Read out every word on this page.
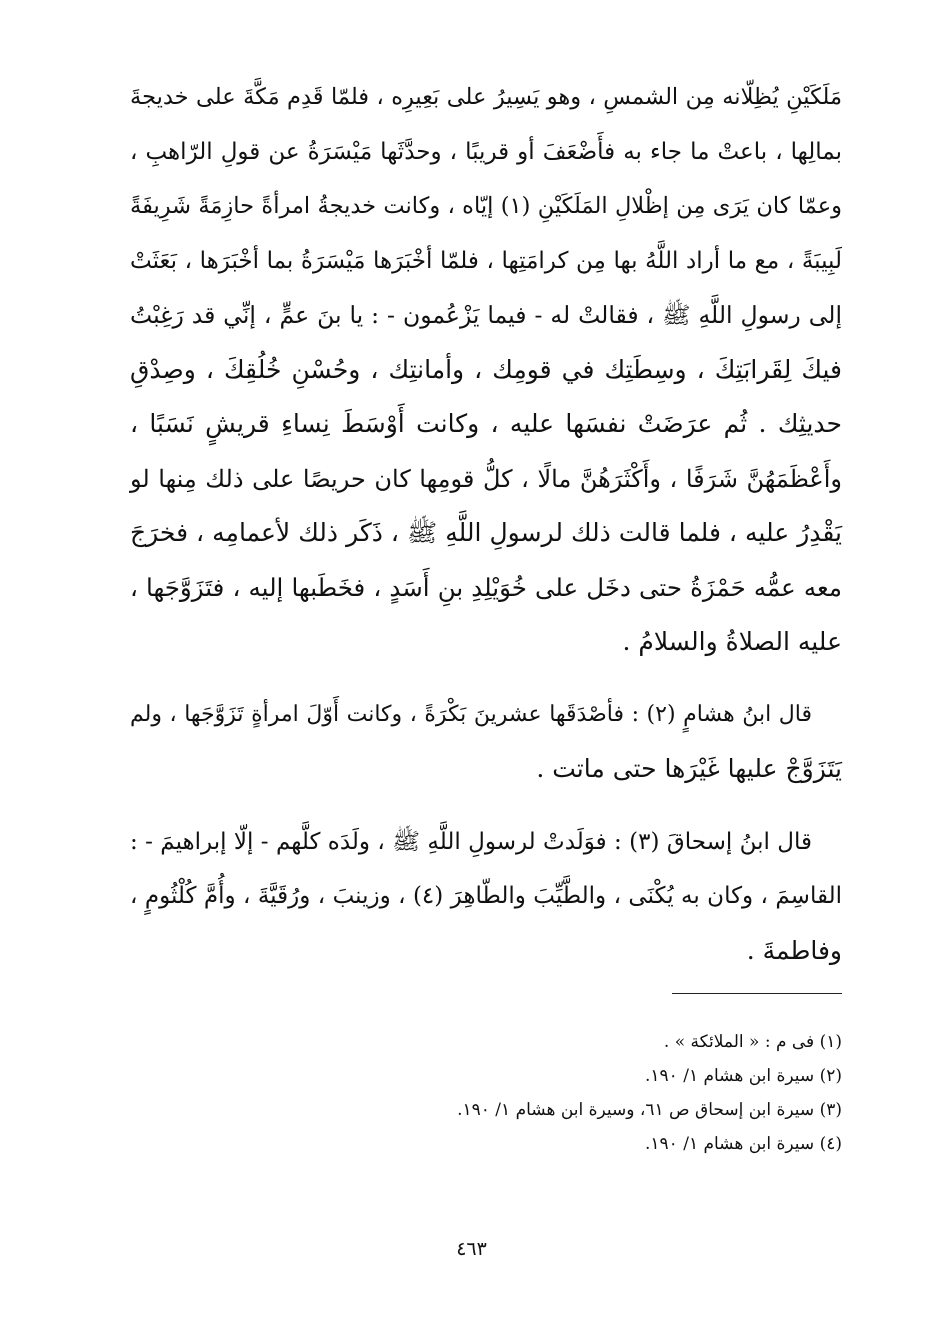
مَلَكَيْنِ يُظِلّانه مِن الشمسِ ، وهو يَسِيرُ على بَعِيرِه ، فلمّا قَدِم مَكَّةَ على خديجةَ
بمالِها ، باعتْ ما جاء به فأَضْعَفَ أو قريبًا ، وحدَّثَها مَيْسَرَةُ عن قولِ الرّاهبِ ،
وعمّا كان يَرَى مِن إظْلالِ المَلَكَيْنِ (١) إيّاه ، وكانت خديجةُ امرأةً حازِمَةً شَرِيفَةً
لَبِيبَةً ، مع ما أراد اللَّهُ بها مِن كرامَتِها ، فلمّا أخْبَرَها مَيْسَرَةُ بما أخْبَرَها ، بَعَثَتْ
إلى رسولِ اللَّهِ ﷺ ، فقالتْ له - فيما يَزْعُمون - : يا بنَ عمٍّ ، إنِّي قد رَغِبْتُ
فيكَ لِقَرابَتِكَ ، وسِطَتِك في قومِك ، وأمانتِك ، وحُسْنِ خُلُقِكَ ، وصِدْقِ
حديثِك . ثُم عرَضَتْ نفسَها عليه ، وكانت أَوْسَطَ نِساءِ قريشٍ نَسَبًا ،
وأَعْظَمَهُنَّ شَرَفًا ، وأَكْثَرَهُنَّ مالًا ، كلُّ قومِها كان حريصًا على ذلك مِنها لو
يَقْدِرُ عليه ، فلما قالت ذلك لرسولِ اللَّهِ ﷺ ، ذَكَر ذلك لأعمامِه ، فخرَجَ
معه عمُّه حَمْزَةُ حتى دخَل على خُوَيْلِدِ بنِ أَسَدٍ ، فخَطَبها إليه ، فتَزَوَّجَها ،
عليه الصلاةُ والسلامُ .
قال ابنُ هشامٍ (٢) : فأصْدَقَها عشرينَ بَكْرَةً ، وكانت أَوّلَ امرأةٍ تَزَوَّجَها ، ولم
يَتَزَوَّجْ عليها غَيْرَها حتى ماتت .
قال ابنُ إسحاقَ (٣) : فوَلَدتْ لرسولِ اللَّهِ ﷺ ، ولَدَه كلَّهم - إلّا إبراهيمَ - :
القاسِمَ ، وكان به يُكْنَى ، والطَّيِّبَ والطّاهِرَ (٤) ، وزينبَ ، ورُقَيَّةَ ، وأُمَّ كُلْثُومٍ ،
وفاطمةَ .
(١) فى م : « الملائكة » .
(٢) سيرة ابن هشام ١/ ١٩٠.
(٣) سيرة ابن إسحاق ص ٦١، وسيرة ابن هشام ١/ ١٩٠.
(٤) سيرة ابن هشام ١/ ١٩٠.
٤٦٣
